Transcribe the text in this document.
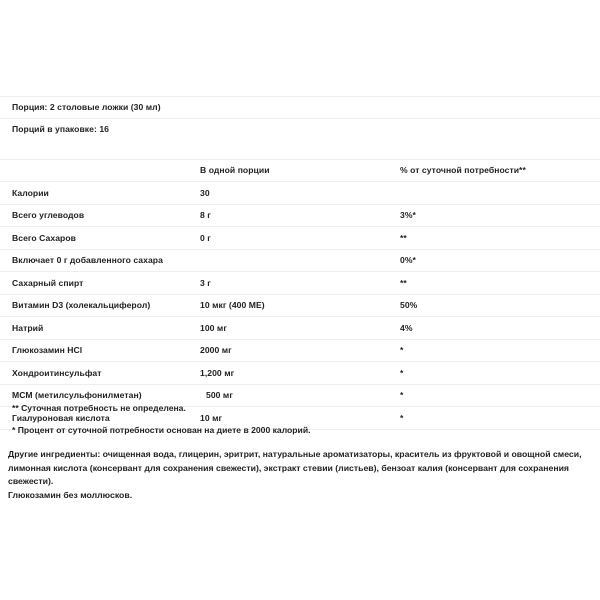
Порция: 2 столовые ложки (30 мл)		
Порций в упаковке: 16		

	В одной порции	% от суточной потребности**
Калории	30	
Всего углеводов	8 г	3%*
Всего Сахаров	0 г	**
Включает 0 г добавленного сахара		0%*
Сахарный спирт	3 г	**
Витамин D3 (холекальциферол)	10 мкг (400 МЕ)	50%
Натрий	100 мг	4%
Глюкозамин HCl	2000 мг	*
Хондроитинсульфат	1,200 мг	*
МСМ (метилсульфонилметан)	500 мг	*
Гиалуроновая кислота	10 мг	*
** Суточная потребность не определена.
* Процент от суточной потребности основан на диете в 2000 калорий.
Другие ингредиенты: очищенная вода, глицерин, эритрит, натуральные ароматизаторы, краситель из фруктовой и овощной смеси, лимонная кислота (консервант для сохранения свежести), экстракт стевии (листьев), бензоат калия (консервант для сохранения свежести).
Глюкозамин без моллюсков.
